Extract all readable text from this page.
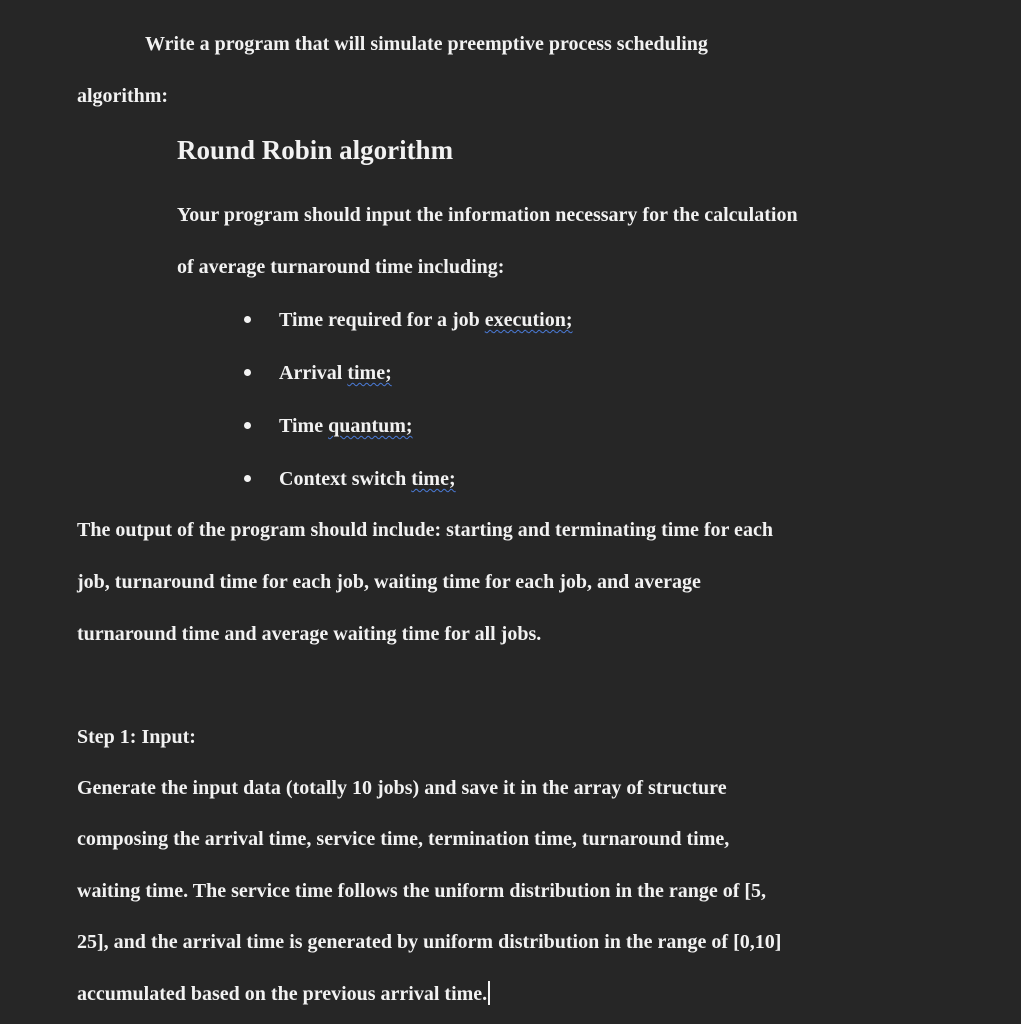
Write a program that will simulate preemptive process scheduling
algorithm:
Round Robin algorithm
Your program should input the information necessary for the calculation
of average turnaround time including:
Time required for a job execution;
Arrival time;
Time quantum;
Context switch time;
The output of the program should include: starting and terminating time for each
job, turnaround time for each job, waiting time for each job, and average
turnaround time and average waiting time for all jobs.
Step 1: Input:
Generate the input data (totally 10 jobs) and save it in the array of structure
composing the arrival time, service time, termination time, turnaround time,
waiting time. The service time follows the uniform distribution in the range of [5,
25], and the arrival time is generated by uniform distribution in the range of [0,10]
accumulated based on the previous arrival time.
